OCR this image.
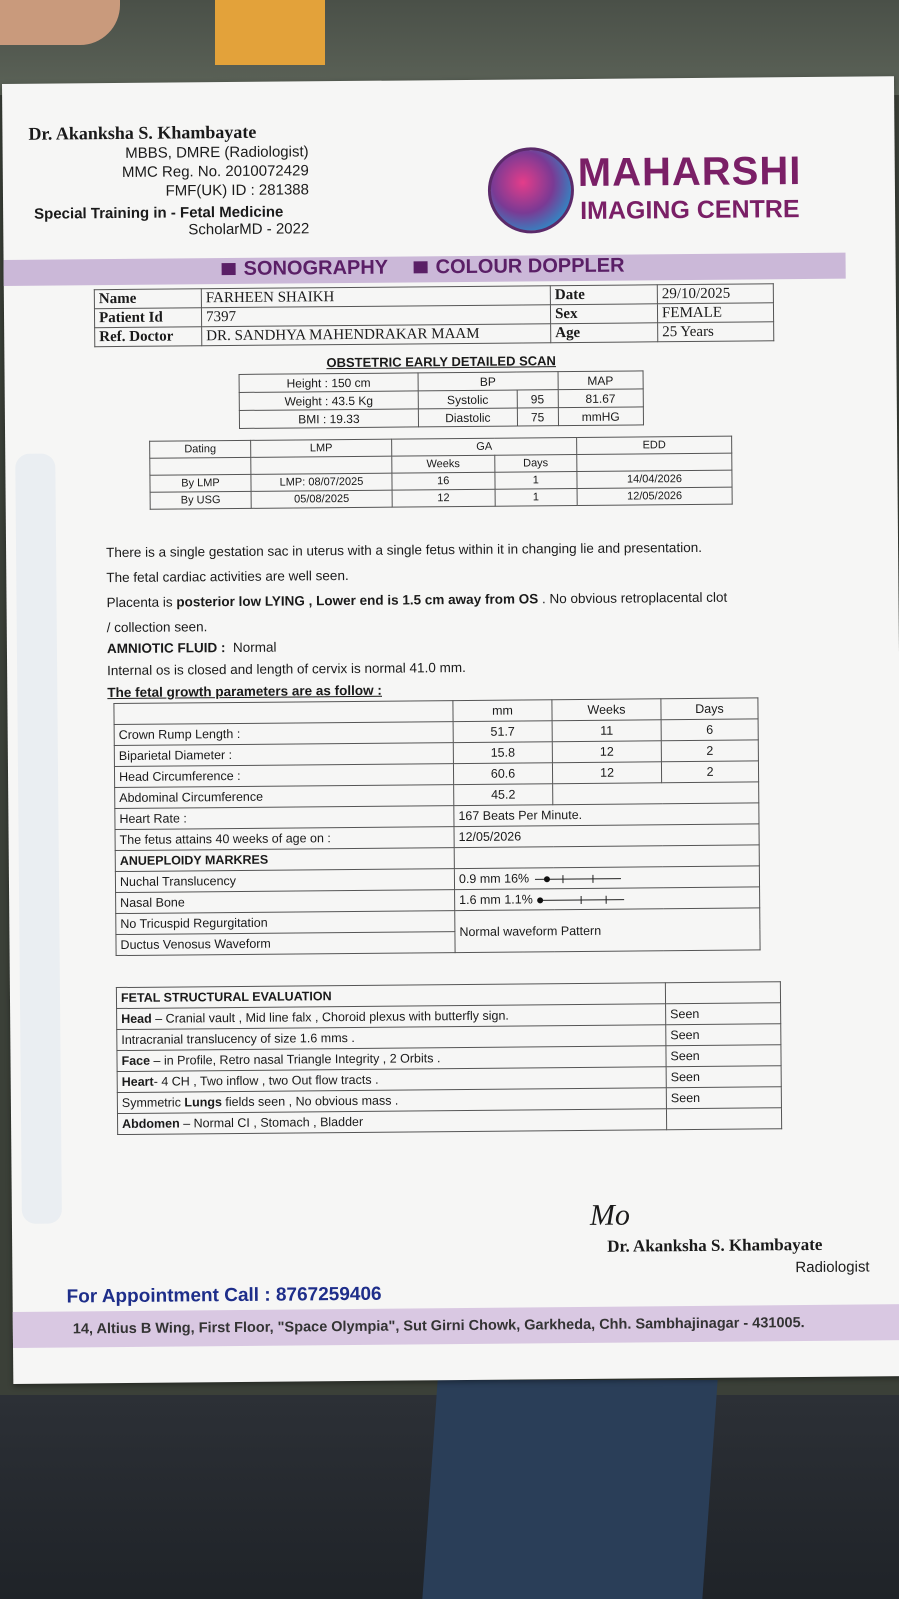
Dr. Akanksha S. Khambayate
MBBS, DMRE (Radiologist)
MMC Reg. No. 2010072429
FMF(UK) ID : 281388
Special Training in - Fetal Medicine
ScholarMD - 2022
MAHARSHI
IMAGING CENTRE
SONOGRAPHY	COLOUR DOPPLER
Name	FARHEEN SHAIKH	Date	29/10/2025
Patient Id	7397	Sex	FEMALE
Ref. Doctor	DR. SANDHYA MAHENDRAKAR MAAM	Age	25 Years
OBSTETRIC EARLY DETAILED SCAN
Height : 150 cm	BP		MAP
Weight : 43.5 Kg	Systolic	95	81.67
BMI : 19.33	Diastolic	75	mmHG
Dating	LMP	GA		EDD
		Weeks	Days	
By LMP	LMP: 08/07/2025	16	1	14/04/2026
By USG	05/08/2025	12	1	12/05/2026
There is a single gestation sac in uterus with a single fetus within it in changing lie and presentation.
The fetal cardiac activities are well seen.
Placenta is posterior low LYING , Lower end is 1.5 cm away from OS . No obvious retroplacental clot
/ collection seen.
AMNIOTIC FLUID : Normal
Internal os is closed and length of cervix is normal 41.0 mm.
The fetal growth parameters are as follow :
	mm	Weeks	Days
Crown Rump Length :	51.7	11	6
Biparietal Diameter :	15.8	12	2
Head Circumference :	60.6	12	2
Abdominal Circumference	45.2		
Heart Rate :	167 Beats Per Minute.		
The fetus attains 40 weeks of age on :	12/05/2026		
ANUEPLOIDY MARKRES			
Nuchal Translucency	0.9 mm 16%		
Nasal Bone	1.6 mm 1.1%		
No Tricuspid Regurgitation	Normal waveform Pattern		
Ductus Venosus Waveform			
FETAL STRUCTURAL EVALUATION	
Head – Cranial vault , Mid line falx , Choroid plexus with butterfly sign.	Seen
Intracranial translucency of size 1.6 mms .	Seen
Face – in Profile, Retro nasal Triangle Integrity , 2 Orbits .	Seen
Heart- 4 CH , Two inflow , two Out flow tracts .	Seen
Symmetric Lungs fields seen , No obvious mass .	Seen
Abdomen – Normal CI , Stomach , Bladder	
Mo
Dr. Akanksha S. Khambayate
Radiologist
For Appointment Call : 8767259406
14, Altius B Wing, First Floor, "Space Olympia", Sut Girni Chowk, Garkheda, Chh. Sambhajinagar - 431005.
